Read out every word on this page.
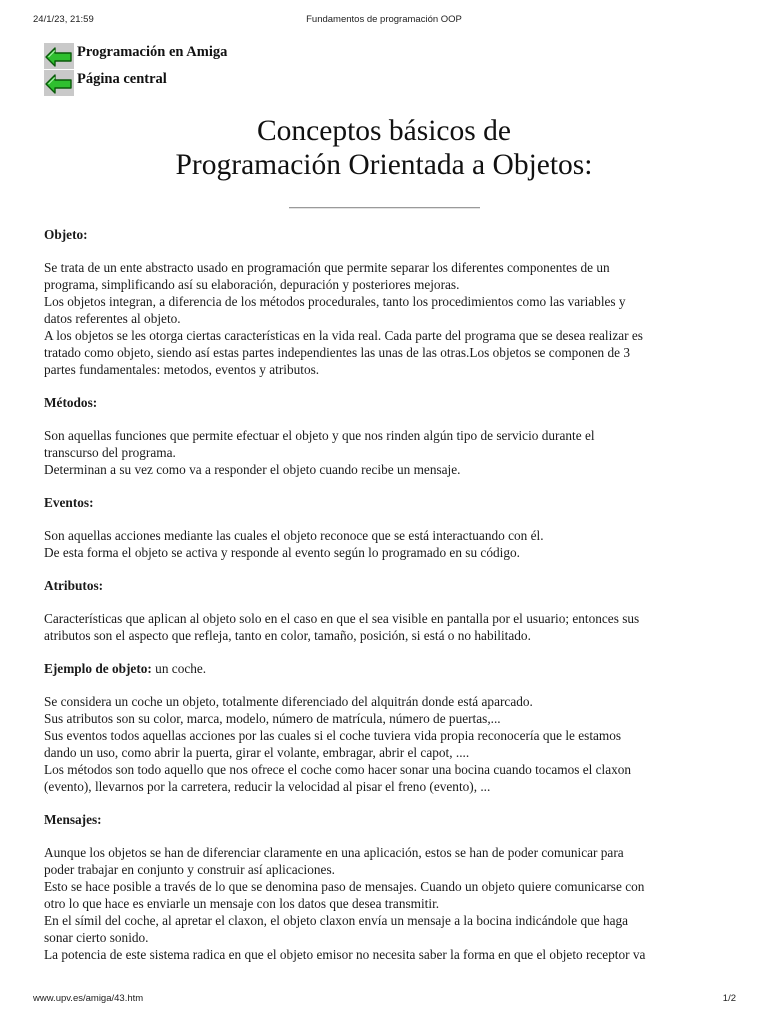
24/1/23, 21:59	Fundamentos de programación OOP
Programación en Amiga
Página central
Conceptos básicos de
Programación Orientada a Objetos:
Objeto:

Se trata de un ente abstracto usado en programación que permite separar los diferentes componentes de un
programa, simplificando así su elaboración, depuración y posteriores mejoras.
Los objetos integran, a diferencia de los métodos procedurales, tanto los procedimientos como las variables y
datos referentes al objeto.
A los objetos se les otorga ciertas características en la vida real. Cada parte del programa que se desea realizar es
tratado como objeto, siendo así estas partes independientes las unas de las otras.Los objetos se componen de 3
partes fundamentales: metodos, eventos y atributos.

Métodos:

Son aquellas funciones que permite efectuar el objeto y que nos rinden algún tipo de servicio durante el
transcurso del programa.
Determinan a su vez como va a responder el objeto cuando recibe un mensaje.

Eventos:

Son aquellas acciones mediante las cuales el objeto reconoce que se está interactuando con él.
De esta forma el objeto se activa y responde al evento según lo programado en su código.

Atributos:

Características que aplican al objeto solo en el caso en que el sea visible en pantalla por el usuario; entonces sus
atributos son el aspecto que refleja, tanto en color, tamaño, posición, si está o no habilitado.

Ejemplo de objeto: un coche.

Se considera un coche un objeto, totalmente diferenciado del alquitrán donde está aparcado.
Sus atributos son su color, marca, modelo, número de matrícula, número de puertas,...
Sus eventos todos aquellas acciones por las cuales si el coche tuviera vida propia reconocería que le estamos
dando un uso, como abrir la puerta, girar el volante, embragar, abrir el capot, ....
Los métodos son todo aquello que nos ofrece el coche como hacer sonar una bocina cuando tocamos el claxon
(evento), llevarnos por la carretera, reducir la velocidad al pisar el freno (evento), ...

Mensajes:

Aunque los objetos se han de diferenciar claramente en una aplicación, estos se han de poder comunicar para
poder trabajar en conjunto y construir así aplicaciones.
Esto se hace posible a través de lo que se denomina paso de mensajes. Cuando un objeto quiere comunicarse con
otro lo que hace es enviarle un mensaje con los datos que desea transmitir.
En el símil del coche, al apretar el claxon, el objeto claxon envía un mensaje a la bocina indicándole que haga
sonar cierto sonido.
La potencia de este sistema radica en que el objeto emisor no necesita saber la forma en que el objeto receptor va

www.upv.es/amiga/43.htm	1/2
